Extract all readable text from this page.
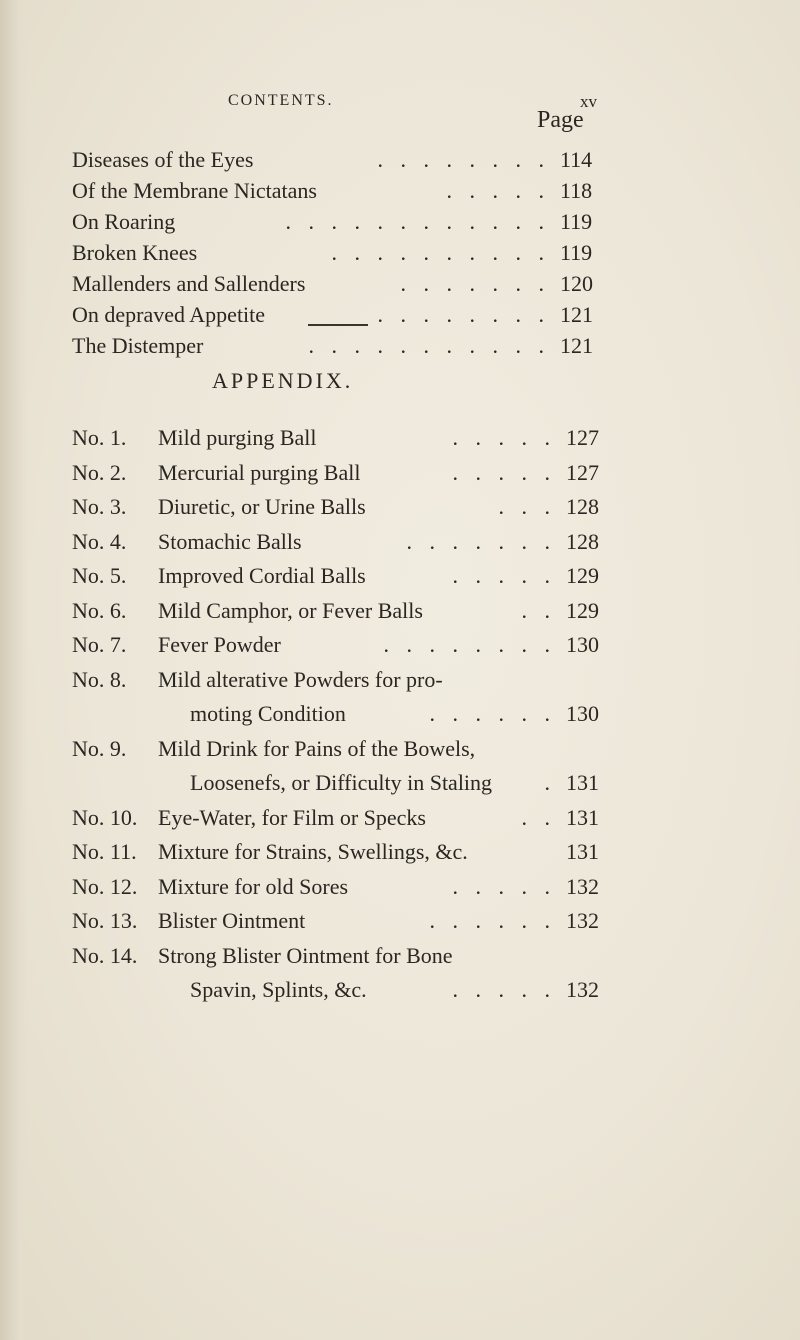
CONTENTS.	xv
Page
Diseases of the Eyes	. . . . . . . . 114
Of the Membrane Nictatans	. . . . . 118
On Roaring	. . . . . . . . . . . . 119
Broken Knees	. . . . . . . . . . 119
Mallenders and Sallenders	. . . . . . . 120
On depraved Appetite	. . . . . . . . 121
The Distemper	. . . . . . . . . . . 121
APPENDIX.
No. 1.	Mild purging Ball	. . . . . 127
No. 2.	Mercurial purging Ball	. . . . . 127
No. 3.	Diuretic, or Urine Balls	. . . 128
No. 4.	Stomachic Balls	. . . . . . . 128
No. 5.	Improved Cordial Balls	. . . . . 129
No. 6.	Mild Camphor, or Fever Balls	. . 129
No. 7.	Fever Powder	. . . . . . . . 130
No. 8.	Mild alterative Powders for pro-
moting Condition	. . . . . . 130
No. 9.	Mild Drink for Pains of the Bowels,
Loosenefs, or Difficulty in Staling . 131
No. 10. Eye-Water, for Film or Specks	. . 131
No. 11. Mixture for Strains, Swellings, &c.	131
No. 12. Mixture for old Sores	. . . . . 132
No. 13. Blister Ointment	. . . . . . 132
No. 14. Strong Blister Ointment for Bone
Spavin, Splints, &c.	. . . . . 132
